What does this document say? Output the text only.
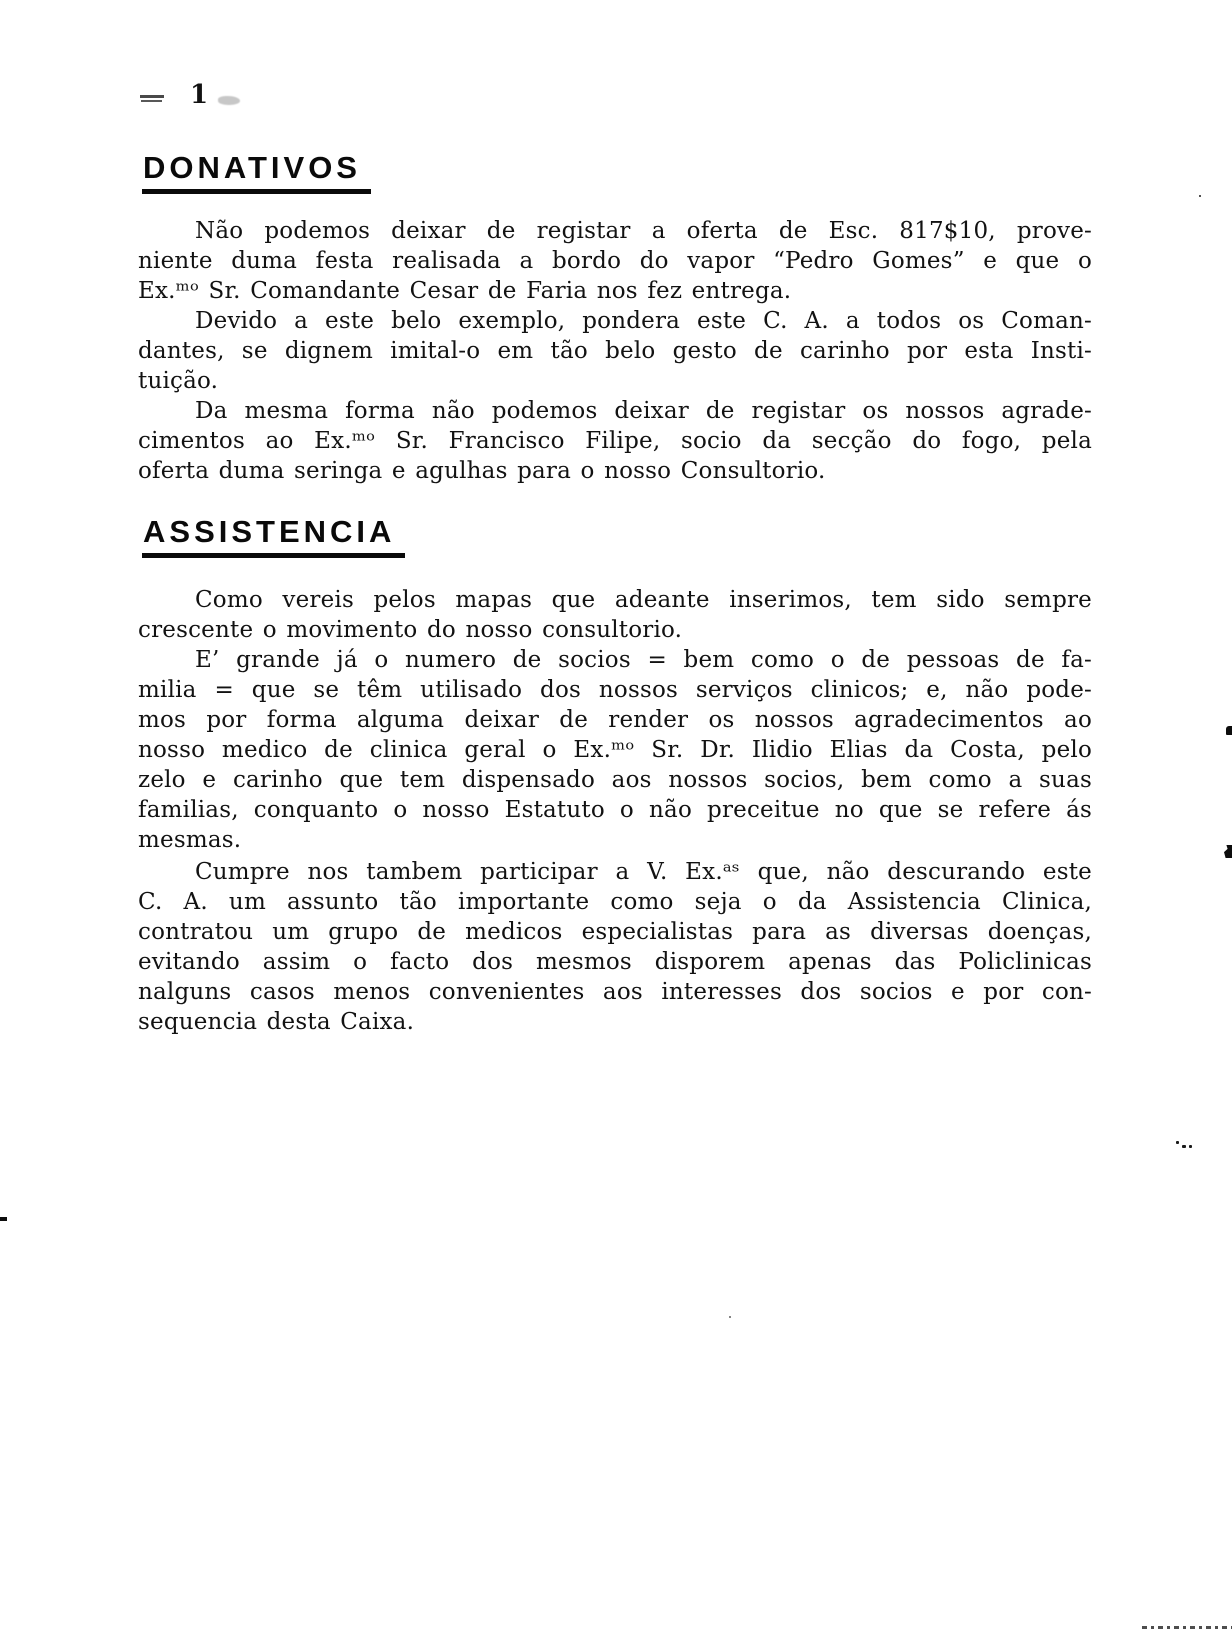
1
DONATIVOS
Não podemos deixar de registar a oferta de Esc. 817$10, prove-
niente duma festa realisada a bordo do vapor “Pedro Gomes” e que o
Ex.ᵐᵒ Sr. Comandante Cesar de Faria nos fez entrega.
Devido a este belo exemplo, pondera este C. A. a todos os Coman-
dantes, se dignem imital-o em tão belo gesto de carinho por esta Insti-
tuição.
Da mesma forma não podemos deixar de registar os nossos agrade-
cimentos ao Ex.ᵐᵒ Sr. Francisco Filipe, socio da secção do fogo, pela
oferta duma seringa e agulhas para o nosso Consultorio.
ASSISTENCIA
Como vereis pelos mapas que adeante inserimos, tem sido sempre
crescente o movimento do nosso consultorio.
E’ grande já o numero de socios = bem como o de pessoas de fa-
milia = que se têm utilisado dos nossos serviços clinicos; e, não pode-
mos por forma alguma deixar de render os nossos agradecimentos ao
nosso medico de clinica geral o Ex.ᵐᵒ Sr. Dr. Ilidio Elias da Costa, pelo
zelo e carinho que tem dispensado aos nossos socios, bem como a suas
familias, conquanto o nosso Estatuto o não preceitue no que se refere ás
mesmas.
Cumpre nos tambem participar a V. Ex.ᵃˢ que, não descurando este
C. A. um assunto tão importante como seja o da Assistencia Clinica,
contratou um grupo de medicos especialistas para as diversas doenças,
evitando assim o facto dos mesmos disporem apenas das Policlinicas
nalguns casos menos convenientes aos interesses dos socios e por con-
sequencia desta Caixa.
